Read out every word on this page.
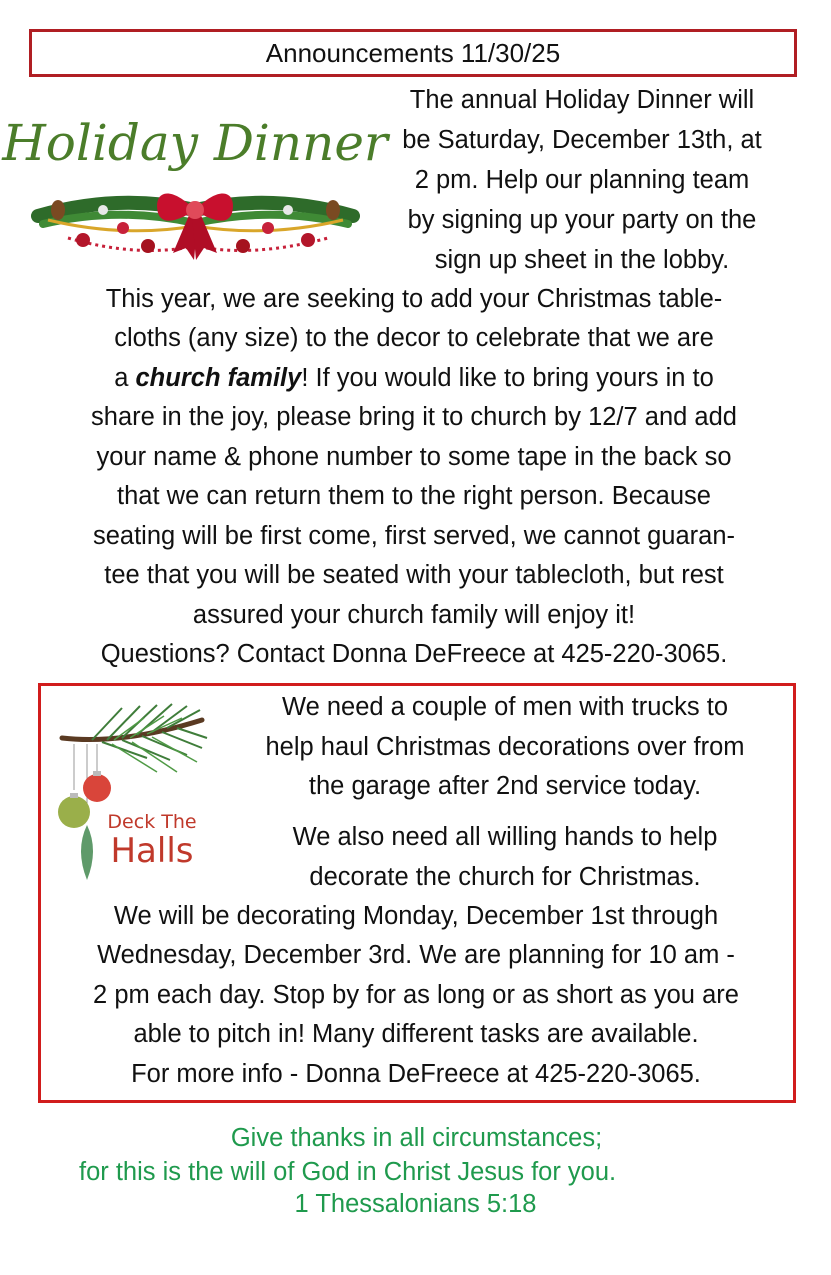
Announcements 11/30/25
Holiday Dinner
The annual Holiday Dinner will
be Saturday, December 13th, at
2 pm. Help our planning team
by signing up your party on the
sign up sheet in the lobby.
This year, we are seeking to add your Christmas table-
cloths (any size) to the decor to celebrate that we are
a church family! If you would like to bring yours in to
share in the joy, please bring it to church by 12/7 and add
your name & phone number to some tape in the back so
that we can return them to the right person. Because
seating will be first come, first served, we cannot guaran-
tee that you will be seated with your tablecloth, but rest
assured your church family will enjoy it!
Questions? Contact Donna DeFreece at 425-220-3065.
Deck The
Halls
We need a couple of men with trucks to
help haul Christmas decorations over from
the garage after 2nd service today.
We also need all willing hands to help
decorate the church for Christmas.
We will be decorating Monday, December 1st through
Wednesday, December 3rd. We are planning for 10 am -
2 pm each day. Stop by for as long or as short as you are
able to pitch in! Many different tasks are available.
For more info - Donna DeFreece at 425-220-3065.
Give thanks in all circumstances;
for this is the will of God in Christ Jesus for you.
1 Thessalonians 5:18
